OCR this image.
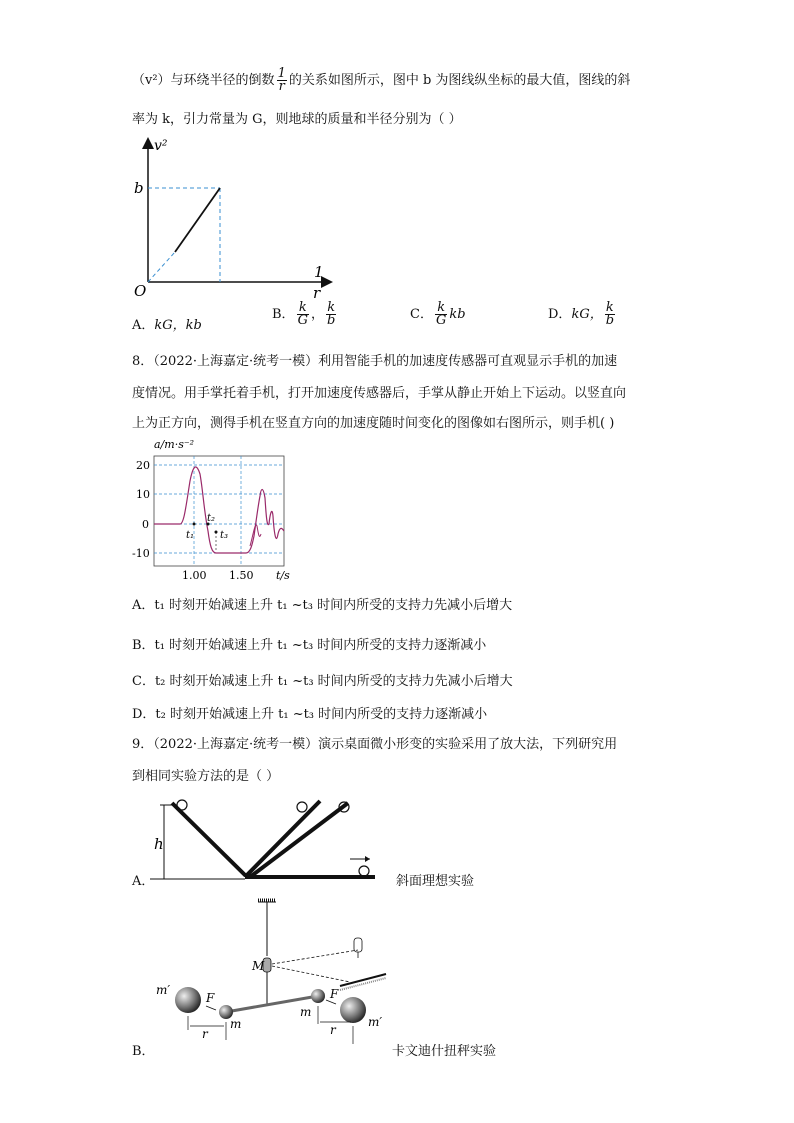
（v²）与环绕半径的倒数 $\frac{1}{r}$ 的关系如图所示，图中 b 为图线纵坐标的最大值，图线的斜
率为 k，引力常量为 G，则地球的质量和半径分别为（ ）
v²
b
O
1
r
A．kG，kb
B． $\frac{k}{G}$ ， $\frac{k}{b}$	C． $\frac{k}{G}$ kb	D．kG， $\frac{k}{b}$
8．（2022·上海嘉定·统考一模）利用智能手机的加速度传感器可直观显示手机的加速
度情况。用手掌托着手机，打开加速度传感器后，手掌从静止开始上下运动。以竖直向
上为正方向，测得手机在竖直方向的加速度随时间变化的图像如右图所示，则手机( )
a/m·s⁻²
20
10
0
-10
t₁
t₂
t₃
1.00 1.50 t/s
A．t₁ 时刻开始减速上升 t₁ ~t₃ 时间内所受的支持力先减小后增大
B．t₁ 时刻开始减速上升 t₁ ~t₃ 时间内所受的支持力逐渐减小
C．t₂ 时刻开始减速上升 t₁ ~t₃ 时间内所受的支持力先减小后增大
D．t₂ 时刻开始减速上升 t₁ ~t₃ 时间内所受的支持力逐渐减小
9．（2022·上海嘉定·统考一模）演示桌面微小形变的实验采用了放大法，下列研究用
到相同实验方法的是（ ）
A．
h
斜面理想实验
B．
M
F	F
m′
m′
m
m
r	r
卡文迪什扭秤实验
